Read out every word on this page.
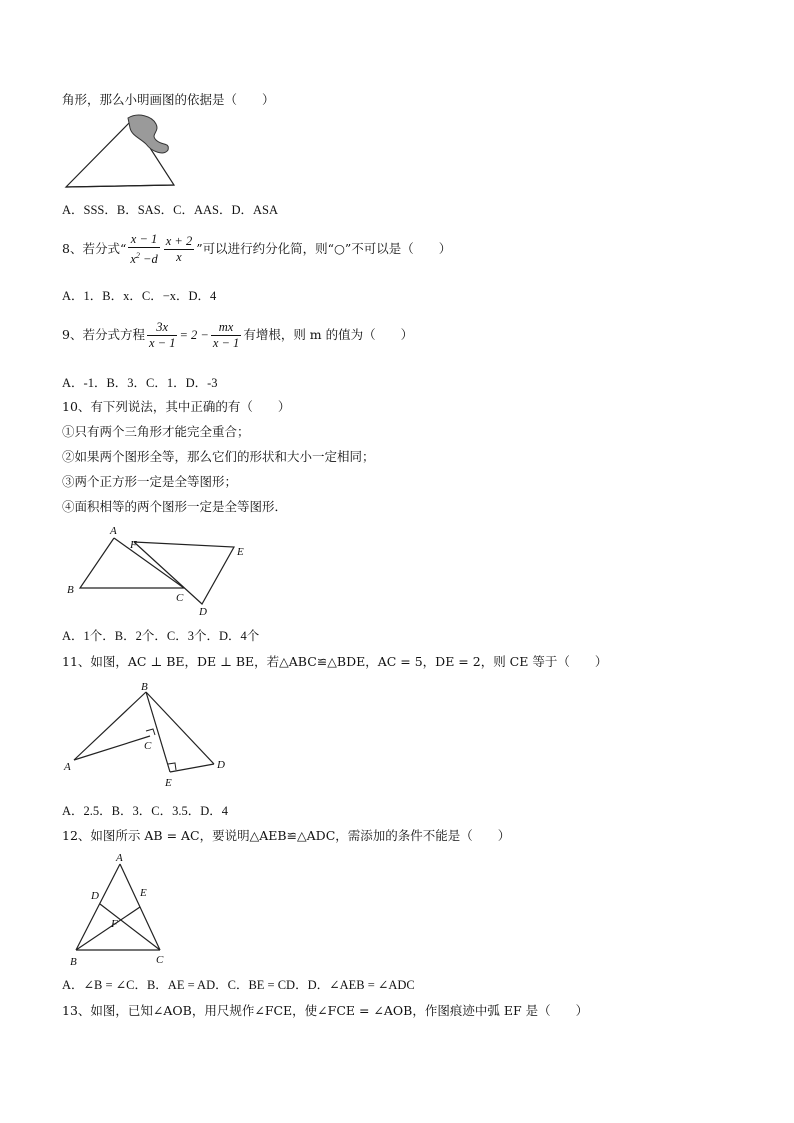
角形，那么小明画图的依据是（　　）
A．SSS．B．SAS．C．AAS．D．ASA
8、若分式“ $\frac{x - 1}{x^2 -d} \frac{x + 2}{x}$ ”可以进行约分化简，则“○”不可以是（　　）
A．1．B．x．C．−x．D．4
9、若分式方程 $\frac{3x}{x - 1} = 2 - \frac{mx}{x - 1}$ 有增根，则 m 的值为（　　）
A．-1．B．3．C．1．D．-3
10、有下列说法，其中正确的有（　　）
①只有两个三角形才能完全重合；
②如果两个图形全等，那么它们的形状和大小一定相同；
③两个正方形一定是全等图形；
④面积相等的两个图形一定是全等图形．
A
F
E
B
C
D
A．1个．B．2个．C．3个．D．4个
11、如图，AC ⊥ BE，DE ⊥ BE，若△ABC≌△BDE，AC = 5，DE = 2，则 CE 等于（　　）
B
C
A
E
D
A．2.5．B．3．C．3.5．D．4
12、如图所示 AB = AC，要说明△AEB≌△ADC，需添加的条件不能是（　　）
A
D	E
F
B	C
A．∠B = ∠C．B．AE = AD．C．BE = CD．D．∠AEB = ∠ADC
13、如图，已知∠AOB，用尺规作∠FCE，使∠FCE = ∠AOB，作图痕迹中弧 EF 是（　　）
